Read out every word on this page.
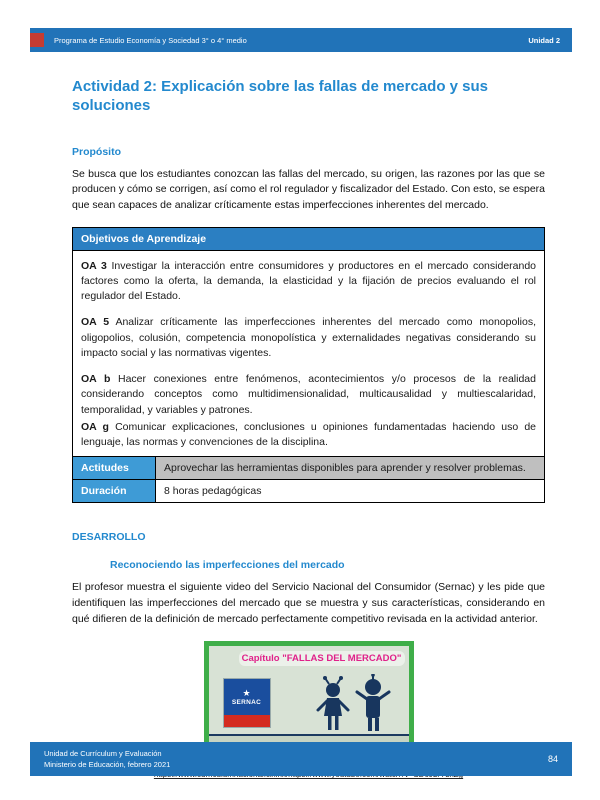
Programa de Estudio Economía y Sociedad 3° o 4° medio	Unidad 2
Actividad 2: Explicación sobre las fallas de mercado y sus soluciones
Propósito

Se busca que los estudiantes conozcan las fallas del mercado, su origen, las razones por las que se producen y cómo se corrigen, así como el rol regulador y fiscalizador del Estado. Con esto, se espera que sean capaces de analizar críticamente estas imperfecciones inherentes del mercado.

Objetivos de Aprendizaje	

OA 3 Investigar la interacción entre consumidores y productores en el mercado considerando factores como la oferta, la demanda, la elasticidad y la fijación de precios evaluando el rol regulador del Estado.

OA 5 Analizar críticamente las imperfecciones inherentes del mercado como monopolios, oligopolios, colusión, competencia monopolística y externalidades negativas considerando su impacto social y las normativas vigentes.

OA b Hacer conexiones entre fenómenos, acontecimientos y/o procesos de la realidad considerando conceptos como multidimensionalidad, multicausalidad y multiescalaridad, temporalidad, y variables y patrones.

OA g Comunicar explicaciones, conclusiones u opiniones fundamentadas haciendo uso de lenguaje, las normas y convenciones de la disciplina.	

Actitudes	Aprovechar las herramientas disponibles para aprender y resolver problemas.
Duración	8 horas pedagógicas
DESARROLLO
Reconociendo las imperfecciones del mercado

El profesor muestra el siguiente video del Servicio Nacional del Consumidor (Sernac) y les pide que identifiquen las imperfecciones del mercado que se muestra y sus características, considerando en qué difieren de la definición de mercado perfectamente competitivo revisada en la actividad anterior.

Capítulo "FALLAS DEL MERCADO"
★
SERNAC
Unidad de Currículum y Evaluación
Ministerio de Educación, febrero 2021
84
